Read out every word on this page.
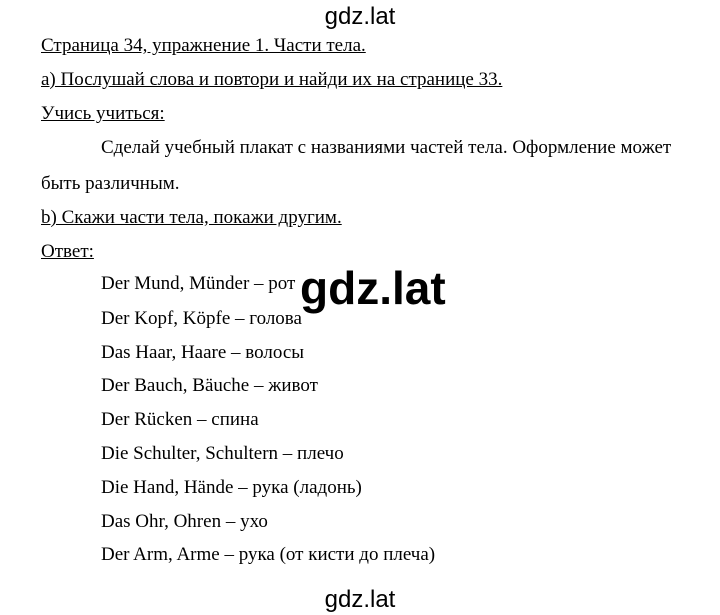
gdz.lat
Страница 34, упражнение 1. Части тела.
а) Послушай слова и повтори и найди их на странице 33.
Учись учиться:
Сделай учебный плакат с названиями частей тела. Оформление может
быть различным.
b) Скажи части тела, покажи другим.
Ответ:
Der Mund, Münder – рот
Der Kopf, Köpfe – голова
Das Haar, Haare – волосы
Der Bauch, Bäuche – живот
Der Rücken – спина
Die Schulter, Schultern – плечо
Die Hand, Hände – рука (ладонь)
Das Ohr, Ohren – ухо
Der Arm, Arme – рука (от кисти до плеча)
gdz.lat
gdz.lat
